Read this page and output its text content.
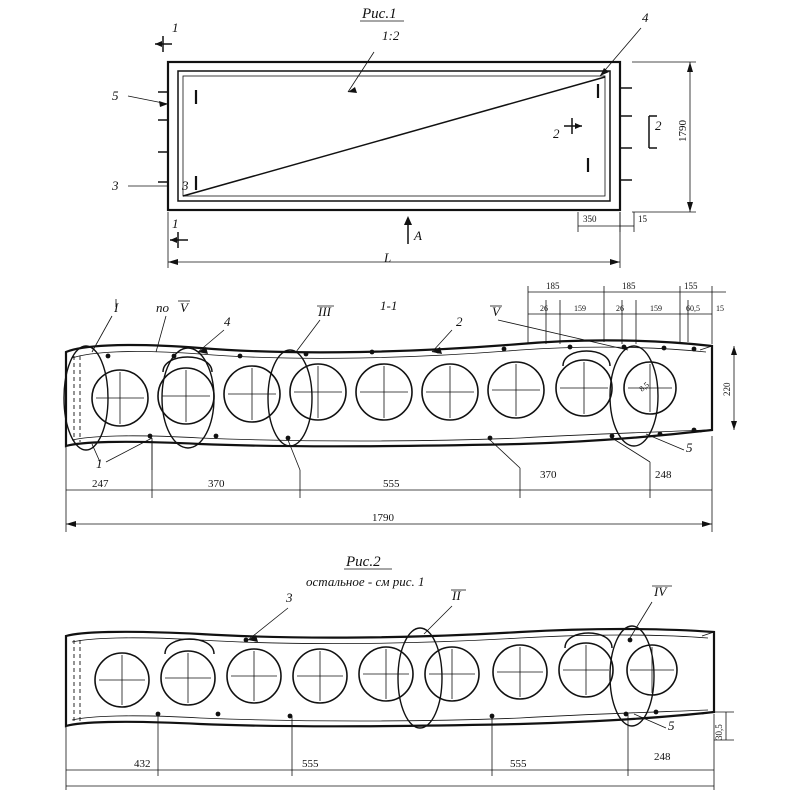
1
1
2
2
5
3	3
4
A
L
1790
350	15
Рис.1
1:2
1-1
8,5
I	по V
4
III
2
V
1
5
185	185	155
26	159	26	159	60,5 15
220
247	370	555
370	248
1790
Рис.2
остальное - см рис. 1
3	II	IV
5	30,5
432	555	555
248
